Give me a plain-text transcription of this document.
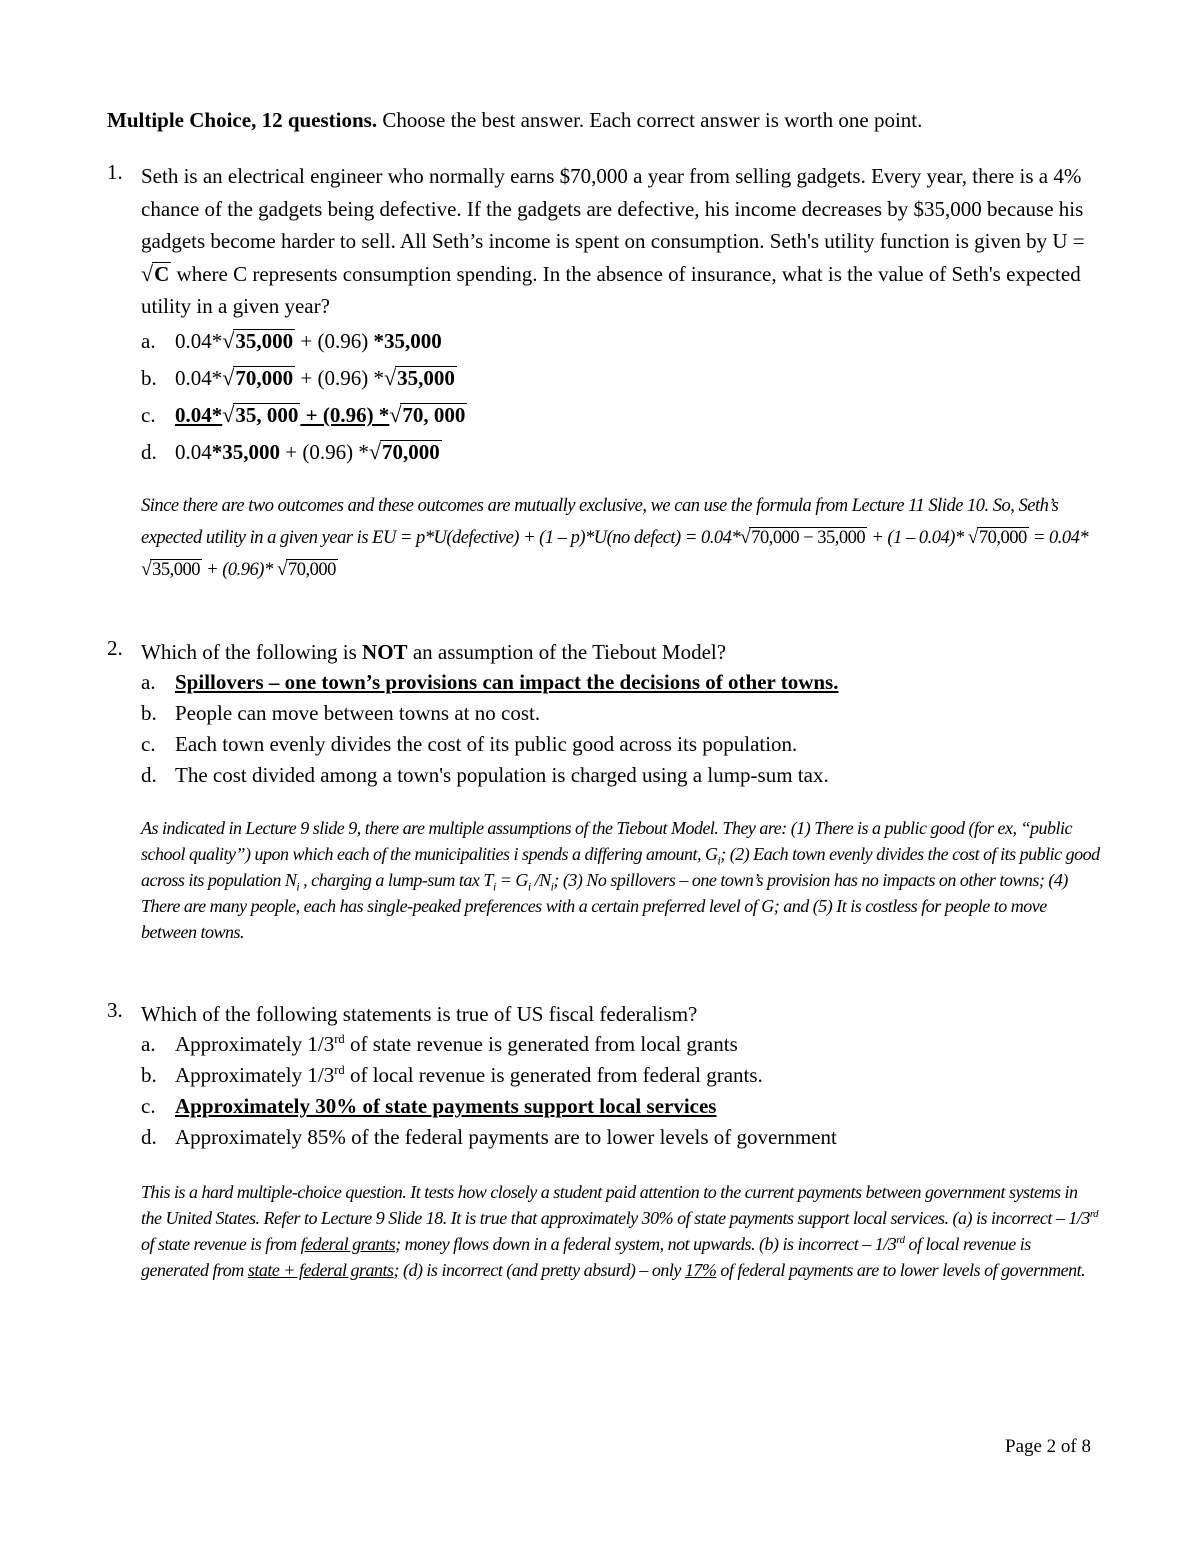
Multiple Choice, 12 questions. Choose the best answer. Each correct answer is worth one point.
1. Seth is an electrical engineer who normally earns $70,000 a year from selling gadgets. Every year, there is a 4% chance of the gadgets being defective. If the gadgets are defective, his income decreases by $35,000 because his gadgets become harder to sell. All Seth’s income is spent on consumption. Seth's utility function is given by U = √C where C represents consumption spending. In the absence of insurance, what is the value of Seth's expected utility in a given year?
a. 0.04*√35,000 + (0.96) *35,000
b. 0.04*√70,000 + (0.96) *√35,000
c. 0.04*√35, 000 + (0.96) *√70, 000
d. 0.04*35,000 + (0.96) *√70,000
Since there are two outcomes and these outcomes are mutually exclusive, we can use the formula from Lecture 11 Slide 10. So, Seth’s expected utility in a given year is EU = p*U(defective) + (1 – p)*U(no defect) = 0.04*√70,000 − 35,000 + (1 – 0.04)* √70,000 = 0.04*√35,000 + (0.96)* √70,000
2. Which of the following is NOT an assumption of the Tiebout Model?
a. Spillovers – one town’s provisions can impact the decisions of other towns.
b. People can move between towns at no cost.
c. Each town evenly divides the cost of its public good across its population.
d. The cost divided among a town's population is charged using a lump-sum tax.
As indicated in Lecture 9 slide 9, there are multiple assumptions of the Tiebout Model. They are: (1) There is a public good (for ex, “public school quality”) upon which each of the municipalities i spends a differing amount, $G_i$; (2) Each town evenly divides the cost of its public good across its population $N_i$ , charging a lump-sum tax $T_i = G_i$ $/N_i$; (3) No spillovers – one town’s provision has no impacts on other towns; (4) There are many people, each has single-peaked preferences with a certain preferred level of G; and (5) It is costless for people to move between towns.
3. Which of the following statements is true of US fiscal federalism?
a. Approximately 1/3rd of state revenue is generated from local grants
b. Approximately 1/3rd of local revenue is generated from federal grants.
c. Approximately 30% of state payments support local services
d. Approximately 85% of the federal payments are to lower levels of government
This is a hard multiple-choice question. It tests how closely a student paid attention to the current payments between government systems in the United States. Refer to Lecture 9 Slide 18. It is true that approximately 30% of state payments support local services. (a) is incorrect – 1/3rd of state revenue is from federal grants; money flows down in a federal system, not upwards. (b) is incorrect – 1/3rd of local revenue is generated from state + federal grants; (d) is incorrect (and pretty absurd) – only 17% of federal payments are to lower levels of government.
Page 2 of 8
